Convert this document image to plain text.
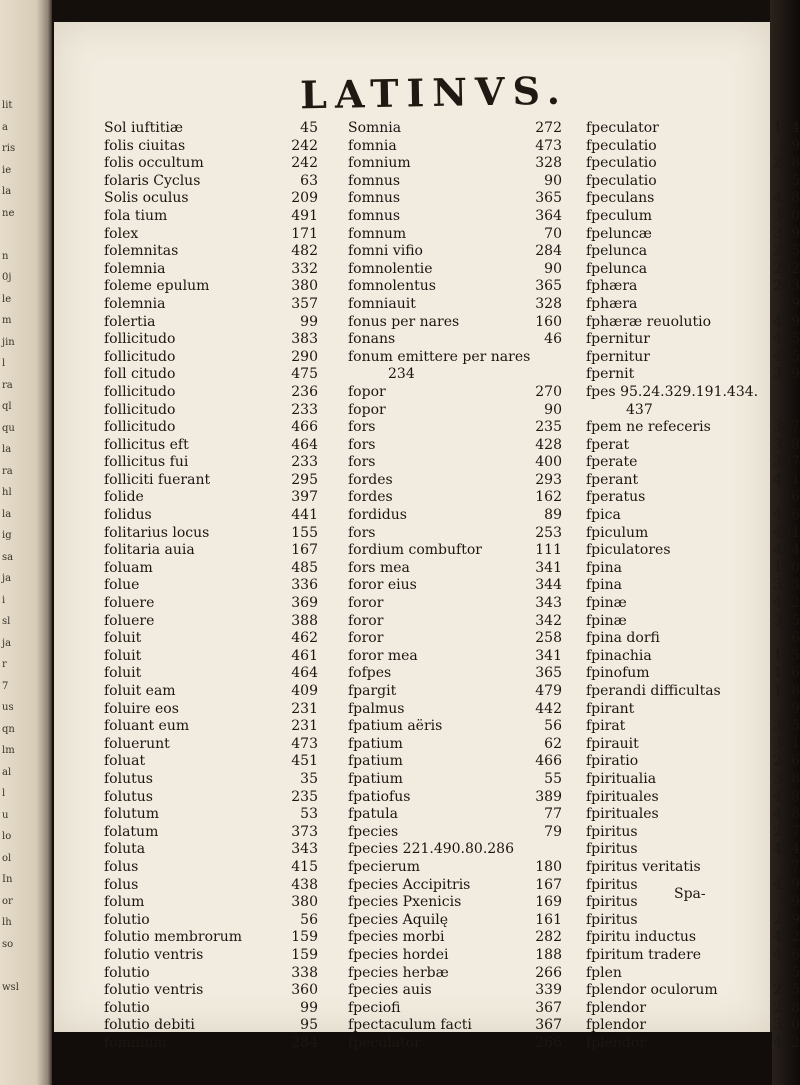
lit
a
ris
ie
la
ne
n
0j
le
m
jin
l
ra
ql
qu
la
ra
hl
la
ig
sa
ja
i
sl
ja
r
7
us
qn
lm
al
l
u
lo
ol
In
or
lh
so
wsl
LATINVS.
Sol iuftitiæ	45
folis ciuitas	242
folis occultum	242
folaris Cyclus	63
Solis oculus	209
fola tium	491
folex	171
folemnitas	482
folemnia	332
foleme epulum	380
folemnia	357
folertia	99
follicitudo	383
follicitudo	290
foll citudo	475
follicitudo	236
follicitudo	233
follicitudo	466
follicitus eft	464
follicitus fui	233
folliciti fuerant	295
folide	397
folidus	441
folitarius locus	155
folitaria auia	167
foluam	485
folue	336
foluere	369
foluere	388
foluit	462
foluit	461
foluit	464
foluit eam	409
foluire eos	231
foluant eum	231
foluerunt	473
foluat	451
folutus	35
folutus	235
folutum	53
folatum	373
foluta	343
folus	415
folus	438
folum	380
folutio	56
folutio membrorum	159
folutio ventris	159
folutio	338
folutio ventris	360
folutio	99
folutio debiti	95
fomnium	284
Somnia	272
fomnia	473
fomnium	328
fomnus	90
fomnus	365
fomnus	364
fomnum	70
fomni vifio	284
fomnolentie	90
fomnolentus	365
fomniauit	328
fonus per nares	160
fonans	46
fonum emittere per nares
234
fopor	270
fopor	90
fors	235
fors	428
fors	400
fordes	293
fordes	162
fordidus	89
fors	253
fordium combuftor	111
fors mea	341
foror eius	344
foror	343
foror	342
foror	258
foror mea	341
fofpes	365
fpargit	479
fpalmus	442
fpatium aëris	56
fpatium	62
fpatium	466
fpatium	55
fpatiofus	389
fpatula	77
fpecies	79
fpecies 221.490.80.286
fpecierum	180
fpecies Accipitris	167
fpecies Pxenicis	169
fpecies Aquilę	161
fpecies morbi	282
fpecies hordei	188
fpecies herbæ	266
fpecies auis	339
fpeciofi	367
fpectaculum facti	367
fpeculator	266
fpeculator	114
fpeculatio	69
fpeculatio	238
fpeculatio	75
fpeculans	428
fpeculum	360
fpeluncæ	379
fpelunca	215
fpelunca	292
fphæra	283
fphæra	49
fphæræ reuolutio	429
fpernitur	465
fpernitur	465
fpernit	379
fpes 95.24.329.191.434.
437
fpem ne refeceris	367
fperat	328
fperate	387
fperant	421
fperatus	46
fpica	426
fpiculum	491
fpiculatores	434
fpina	190
fpina	333
fpinæ	492
fpinæ	345
fpina dorfi	76
fpinachia	145
fpinofum	176
fperandi difficultas	158
fpirant	59
fpirat	345
fpirauit	361
fpiratio	236
fpiritualia	378
fpirituales	418
fpirituales	418
fpiritus	287
fpiritus	454
fpiritus veritatis	47
fpiritus	459
fpiritus	69
fpiritus	279
fpiritu inductus	452
fpiritum tradere	456
fplen	75
fplendor oculorum	225
fplendor	258
fplendor	330
fplendor	422
Spa-
